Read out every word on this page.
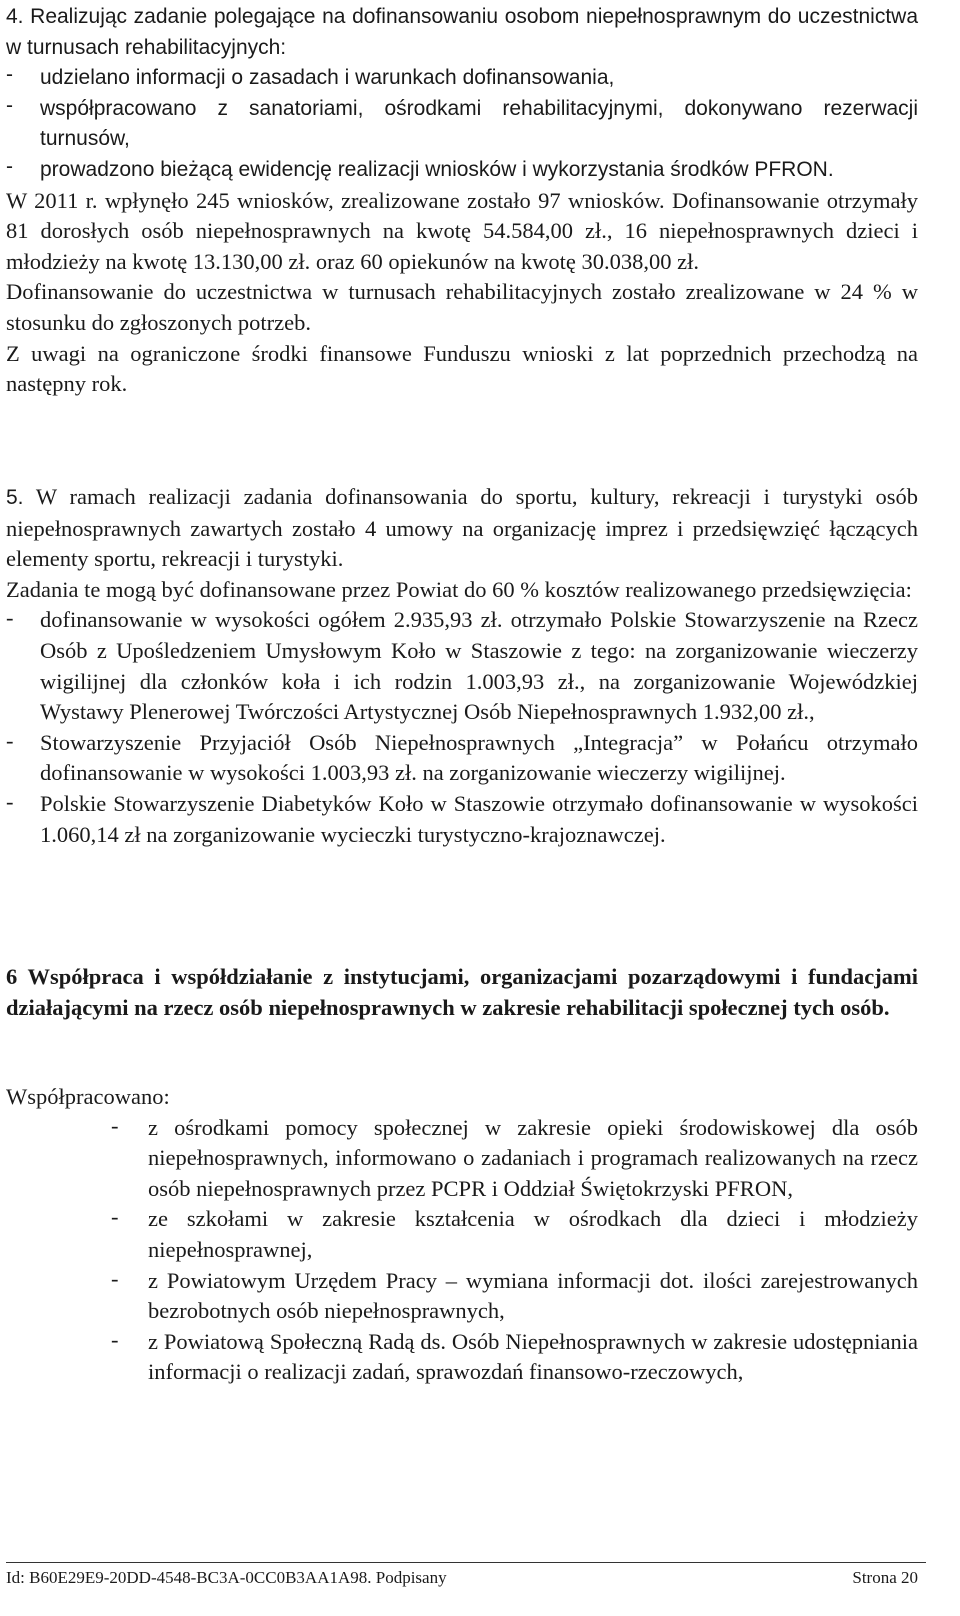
4. Realizując zadanie polegające na dofinansowaniu osobom niepełnosprawnym do uczestnictwa w turnusach rehabilitacyjnych:

-	udzielano informacji o zasadach i warunkach dofinansowania,
-	współpracowano z sanatoriami, ośrodkami rehabilitacyjnymi, dokonywano rezerwacji turnusów,
-	prowadzono bieżącą ewidencję realizacji wniosków i wykorzystania środków PFRON.

W 2011 r. wpłynęło 245 wniosków, zrealizowane zostało 97 wniosków. Dofinansowanie otrzymały 81 dorosłych osób niepełnosprawnych na kwotę 54.584,00 zł., 16 niepełnosprawnych dzieci i młodzieży na kwotę 13.130,00 zł. oraz 60 opiekunów na kwotę 30.038,00 zł.

Dofinansowanie do uczestnictwa w turnusach rehabilitacyjnych zostało zrealizowane w 24 % w stosunku do zgłoszonych potrzeb.

Z uwagi na ograniczone środki finansowe Funduszu wnioski z lat poprzednich przechodzą na następny rok.

5. W ramach realizacji zadania dofinansowania do sportu, kultury, rekreacji i turystyki osób niepełnosprawnych zawartych zostało 4 umowy na organizację imprez i przedsięwzięć łączących elementy sportu, rekreacji i turystyki.

Zadania te mogą być dofinansowane przez Powiat do 60 % kosztów realizowanego przedsięwzięcia:

-	dofinansowanie w wysokości ogółem 2.935,93 zł. otrzymało Polskie Stowarzyszenie na Rzecz Osób z Upośledzeniem Umysłowym Koło w Staszowie z tego: na zorganizowanie wieczerzy wigilijnej dla członków koła i ich rodzin 1.003,93 zł., na zorganizowanie Wojewódzkiej Wystawy Plenerowej Twórczości Artystycznej Osób Niepełnosprawnych 1.932,00 zł.,
-	Stowarzyszenie Przyjaciół Osób Niepełnosprawnych „Integracja” w Połańcu otrzymało dofinansowanie w wysokości 1.003,93 zł. na zorganizowanie wieczerzy wigilijnej.
-	Polskie Stowarzyszenie Diabetyków Koło w Staszowie otrzymało dofinansowanie w wysokości 1.060,14 zł na zorganizowanie wycieczki turystyczno-krajoznawczej.

6 Współpraca i współdziałanie z instytucjami, organizacjami pozarządowymi i fundacjami działającymi na rzecz osób niepełnosprawnych w zakresie rehabilitacji społecznej tych osób.

Współpracowano:

-	z ośrodkami pomocy społecznej w zakresie opieki środowiskowej dla osób niepełnosprawnych, informowano o zadaniach i programach realizowanych na rzecz osób niepełnosprawnych przez PCPR i Oddział Świętokrzyski PFRON,
-	ze szkołami w zakresie kształcenia w ośrodkach dla dzieci i młodzieży niepełnosprawnej,
-	z Powiatowym Urzędem Pracy – wymiana informacji dot. ilości zarejestrowanych bezrobotnych osób niepełnosprawnych,
-	z Powiatową Społeczną Radą ds. Osób Niepełnosprawnych w zakresie udostępniania informacji o realizacji zadań, sprawozdań finansowo-rzeczowych,
Id: B60E29E9-20DD-4548-BC3A-0CC0B3AA1A98. Podpisany	Strona 20
